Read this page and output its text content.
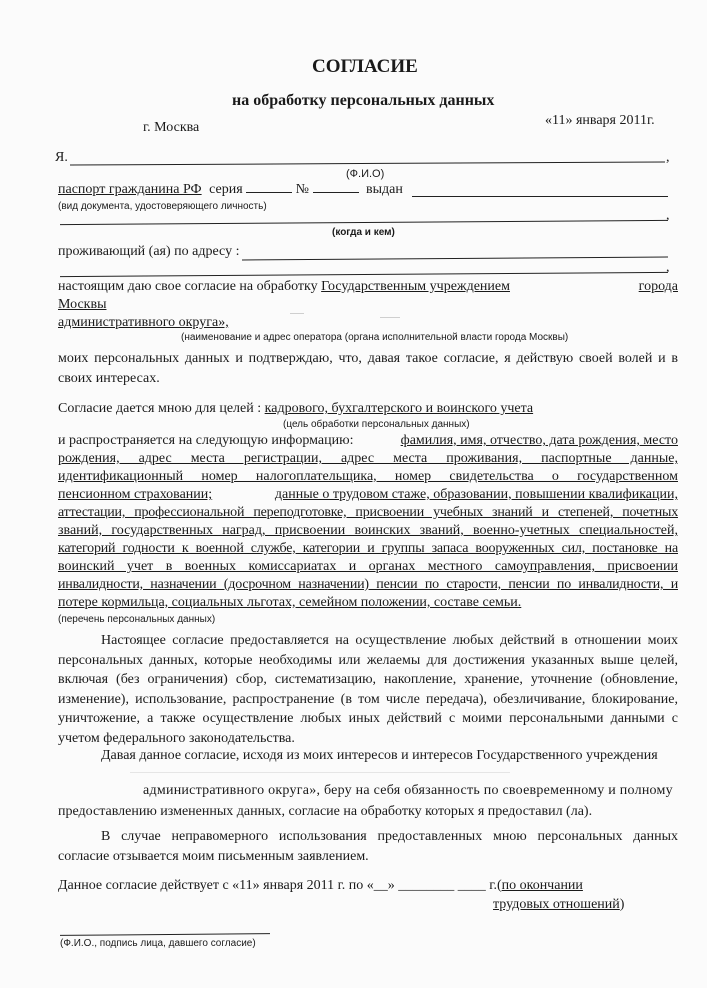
СОГЛАСИЕ
на обработку персональных данных
г. Москва	«11» января 2011г.
Я.	,
(Ф.И.О)
паспорт гражданина РФ серия	№	выдан
(вид документа, удостоверяющего личность)
,
(когда и кем)
проживающий (ая) по адресу :
,
настоящим даю свое согласие на обработку Государственным учреждением	города
Москвы
административного округа»,
(наименование и адрес оператора (органа исполнительной власти города Москвы)
моих персональных данных и подтверждаю, что, давая такое согласие, я действую своей волей и в своих интересах.
Согласие дается мною для целей : кадрового, бухгалтерского и воинского учета
(цель обработки персональных данных)
и распространяется на следующую информацию:	фамилия, имя, отчество, дата рождения, место
рождения, адрес места регистрации, адрес места проживания, паспортные данные,
идентификационный номер налогоплательщика, номер свидетельства о государственном
пенсионном страховании;	данные о трудовом стаже, образовании, повышении квалификации,
аттестации, профессиональной переподготовке, присвоении учебных знаний и степеней, почетных
званий, государственных наград, присвоении воинских званий, военно-учетных специальностей,
категорий годности к военной службе, категории и группы запаса вооруженных сил, постановке на
воинский учет в военных комиссариатах и органах местного самоуправления, присвоении
инвалидности, назначении (досрочном назначении) пенсии по старости, пенсии по инвалидности, и
потере кормильца, социальных льготах, семейном положении, составе семьи.
(перечень персональных данных)
Настоящее согласие предоставляется на осуществление любых действий в отношении моих персональных данных, которые необходимы или желаемы для достижения указанных выше целей, включая (без ограничения) сбор, систематизацию, накопление, хранение, уточнение (обновление, изменение), использование, распространение (в том числе передача), обезличивание, блокирование, уничтожение, а также осуществление любых иных действий с моими персональными данными с учетом федерального законодательства.
Давая данное согласие, исходя из моих интересов и интересов Государственного учреждения
административного округа», беру на себя обязанность по своевременному и полному
предоставлению измененных данных, согласие на обработку которых я предоставил (ла).
В случае неправомерного использования предоставленных мною персональных данных согласие отзывается моим письменным заявлением.
Данное согласие действует с «11» января 2011 г. по «__» ________ ____ г.(по окончании
трудовых отношений)
(Ф.И.О., подпись лица, давшего согласие)
